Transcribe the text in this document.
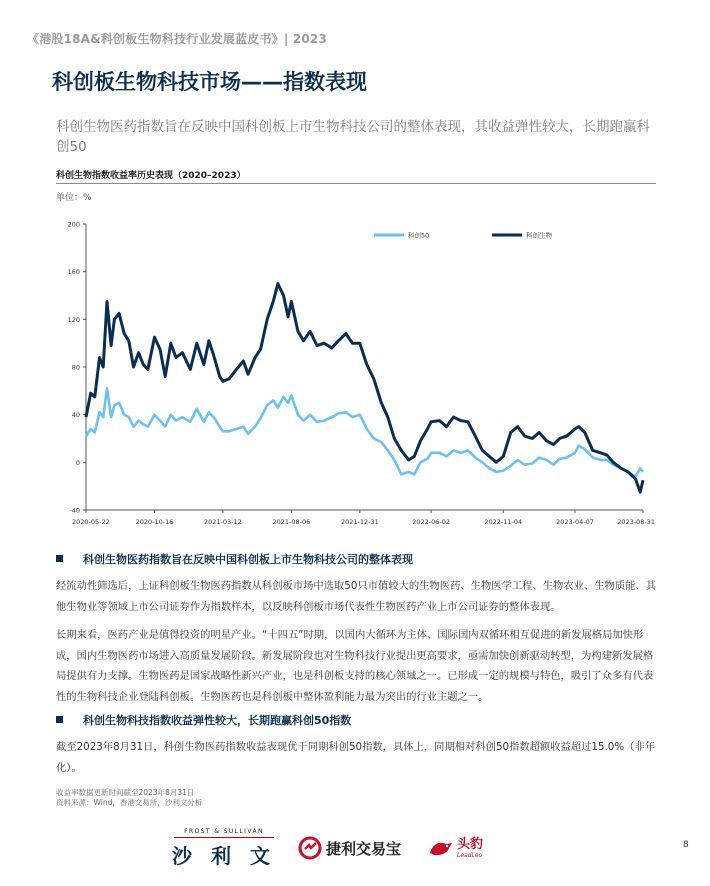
《港股18A&科创板生物科技行业发展蓝皮书》| 2023
科创板生物科技市场——指数表现
科创生物医药指数旨在反映中国科创板上市生物科技公司的整体表现，其收益弹性较大，长期跑赢科创50
科创生物指数收益率历史表现（2020–2023）
单位：%
-40
0
40
80
120
160
200
2020-05-22	2020-10-16	2021-03-12	2021-08-06	2021-12-31	2022-06-02	2022-11-04	2023-04-07	2023-08-31
科创50	科创生物
科创生物医药指数旨在反映中国科创板上市生物科技公司的整体表现
经流动性筛选后，上证科创板生物医药指数从科创板市场中选取50只市值较大的生物医药、生物医学工程、生物农业、生物质能、其他生物业等领域上市公司证券作为指数样本，以反映科创板市场代表性生物医药产业上市公司证券的整体表现。
长期来看，医药产业是值得投资的明星产业。“十四五”时期，以国内大循环为主体、国际国内双循环相互促进的新发展格局加快形成，国内生物医药市场进入高质量发展阶段。新发展阶段也对生物科技行业提出更高要求，亟需加快创新驱动转型，为构建新发展格局提供有力支撑。生物医药是国家战略性新兴产业，也是科创板支持的核心领域之一。已形成一定的规模与特色，吸引了众多有代表性的生物科技企业登陆科创板。生物医药也是科创板中整体盈利能力最为突出的行业主题之一。
科创生物科技指数收益弹性较大，长期跑赢科创50指数
截至2023年8月31日，科创生物医药指数收益表现优于同期科创50指数，具体上，同期相对科创50指数超额收益超过15.0%（非年化）。
收益率数据更新时间截至2023年8月31日
资料来源：Wind，香港交易所，沙利文分析
FROST & SULLIVAN
沙 利 文	捷利交易宝	头豹
LeadLeo
8
